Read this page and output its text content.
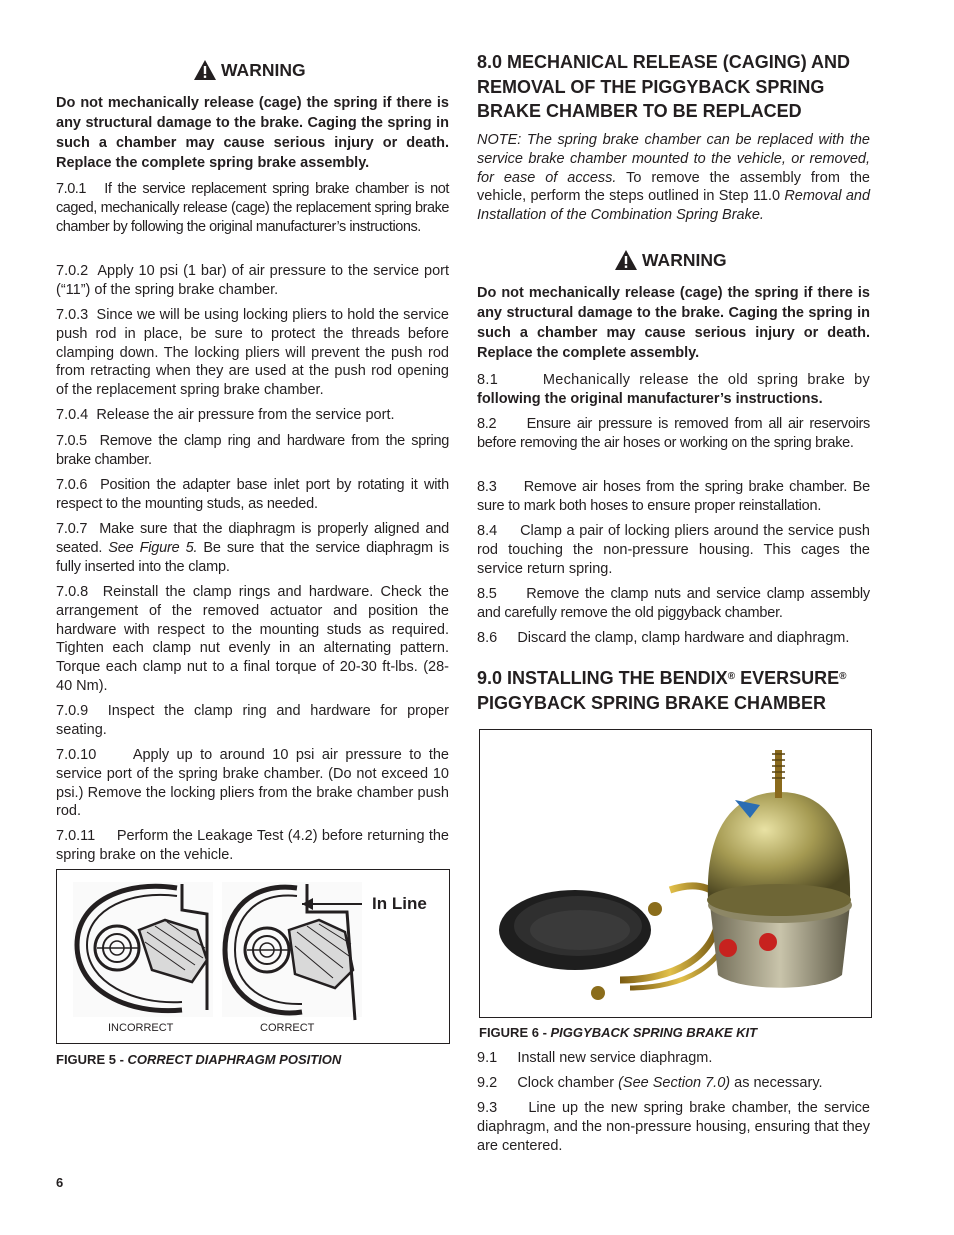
WARNING
Do not mechanically release (cage) the spring if there is any structural damage to the brake. Caging the spring in such a chamber may cause serious injury or death. Replace the complete spring brake assembly.
7.0.1 If the service replacement spring brake chamber is not caged, mechanically release (cage) the replacement spring brake chamber by following the original manufacturer’s instructions.
7.0.2 Apply 10 psi (1 bar) of air pressure to the service port (“11”) of the spring brake chamber.
7.0.3 Since we will be using locking pliers to hold the service push rod in place, be sure to protect the threads before clamping down. The locking pliers will prevent the push rod from retracting when they are used at the push rod opening of the replacement spring brake chamber.
7.0.4 Release the air pressure from the service port.
7.0.5 Remove the clamp ring and hardware from the spring brake chamber.
7.0.6 Position the adapter base inlet port by rotating it with respect to the mounting studs, as needed.
7.0.7 Make sure that the diaphragm is properly aligned and seated. See Figure 5. Be sure that the service diaphragm is fully inserted into the clamp.
7.0.8 Reinstall the clamp rings and hardware. Check the arrangement of the removed actuator and position the hardware with respect to the mounting studs as required. Tighten each clamp nut evenly in an alternating pattern. Torque each clamp nut to a final torque of 20-30 ft-lbs. (28-40 Nm).
7.0.9 Inspect the clamp ring and hardware for proper seating.
7.0.10	Apply up to around 10 psi air pressure to the service port of the spring brake chamber. (Do not exceed 10 psi.) Remove the locking pliers from the brake chamber push rod.
7.0.11 Perform the Leakage Test (4.2) before returning the spring brake on the vehicle.
In Line
INCORRECT	CORRECT
FIGURE 5 - CORRECT DIAPHRAGM POSITION
6
8.0 MECHANICAL RELEASE (CAGING) AND REMOVAL OF THE PIGGYBACK SPRING BRAKE CHAMBER TO BE REPLACED
NOTE: The spring brake chamber can be replaced with the service brake chamber mounted to the vehicle, or removed, for ease of access. To remove the assembly from the vehicle, perform the steps outlined in Step 11.0 Removal and Installation of the Combination Spring Brake.
WARNING
Do not mechanically release (cage) the spring if there is any structural damage to the brake. Caging the spring in such a chamber may cause serious injury or death. Replace the complete assembly.
8.1	Mechanically release the old spring brake by following the original manufacturer’s instructions.
8.2 Ensure air pressure is removed from all air reservoirs before removing the air hoses or working on the spring brake.
8.3 Remove air hoses from the spring brake chamber. Be sure to mark both hoses to ensure proper reinstallation.
8.4 Clamp a pair of locking pliers around the service push rod touching the non-pressure housing. This cages the service return spring.
8.5 Remove the clamp nuts and service clamp assembly and carefully remove the old piggyback chamber.
8.6 Discard the clamp, clamp hardware and diaphragm.
9.0 INSTALLING THE BENDIX® EVERSURE®
PIGGYBACK SPRING BRAKE CHAMBER
FIGURE 6 - PIGGYBACK SPRING BRAKE KIT
9.1 Install new service diaphragm.
9.2 Clock chamber (See Section 7.0) as necessary.
9.3 Line up the new spring brake chamber, the service diaphragm, and the non-pressure housing, ensuring that they are centered.
